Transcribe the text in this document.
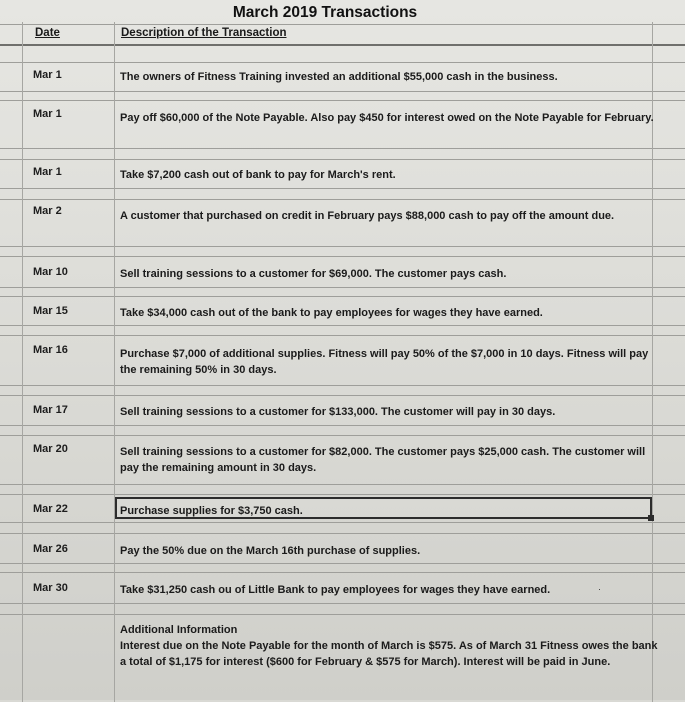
March 2019 Transactions
Date	Description of the Transaction
Mar 1	The owners of Fitness Training invested an additional $55,000 cash in the business.
Mar 1	Pay off $60,000 of the Note Payable. Also pay $450 for interest owed on the Note Payable for February.
Mar 1	Take $7,200 cash out of bank to pay for March's rent.
Mar 2	A customer that purchased on credit in February pays $88,000 cash to pay off the amount due.
Mar 10	Sell training sessions to a customer for $69,000. The customer pays cash.
Mar 15	Take $34,000 cash out of the bank to pay employees for wages they have earned.
Mar 16	Purchase $7,000 of additional supplies. Fitness will pay 50% of the $7,000 in 10 days. Fitness will pay the remaining 50% in 30 days.
Mar 17	Sell training sessions to a customer for $133,000. The customer will pay in 30 days.
Mar 20	Sell training sessions to a customer for $82,000. The customer pays $25,000 cash. The customer will pay the remaining amount in 30 days.
Mar 22	Purchase supplies for $3,750 cash.
Mar 26	Pay the 50% due on the March 16th purchase of supplies.
Mar 30	Take $31,250 cash ou of Little Bank to pay employees for wages they have earned.	·
Additional Information
Interest due on the Note Payable for the month of March is $575. As of March 31 Fitness owes the bank a total of $1,175 for interest ($600 for February & $575 for March). Interest will be paid in June.
